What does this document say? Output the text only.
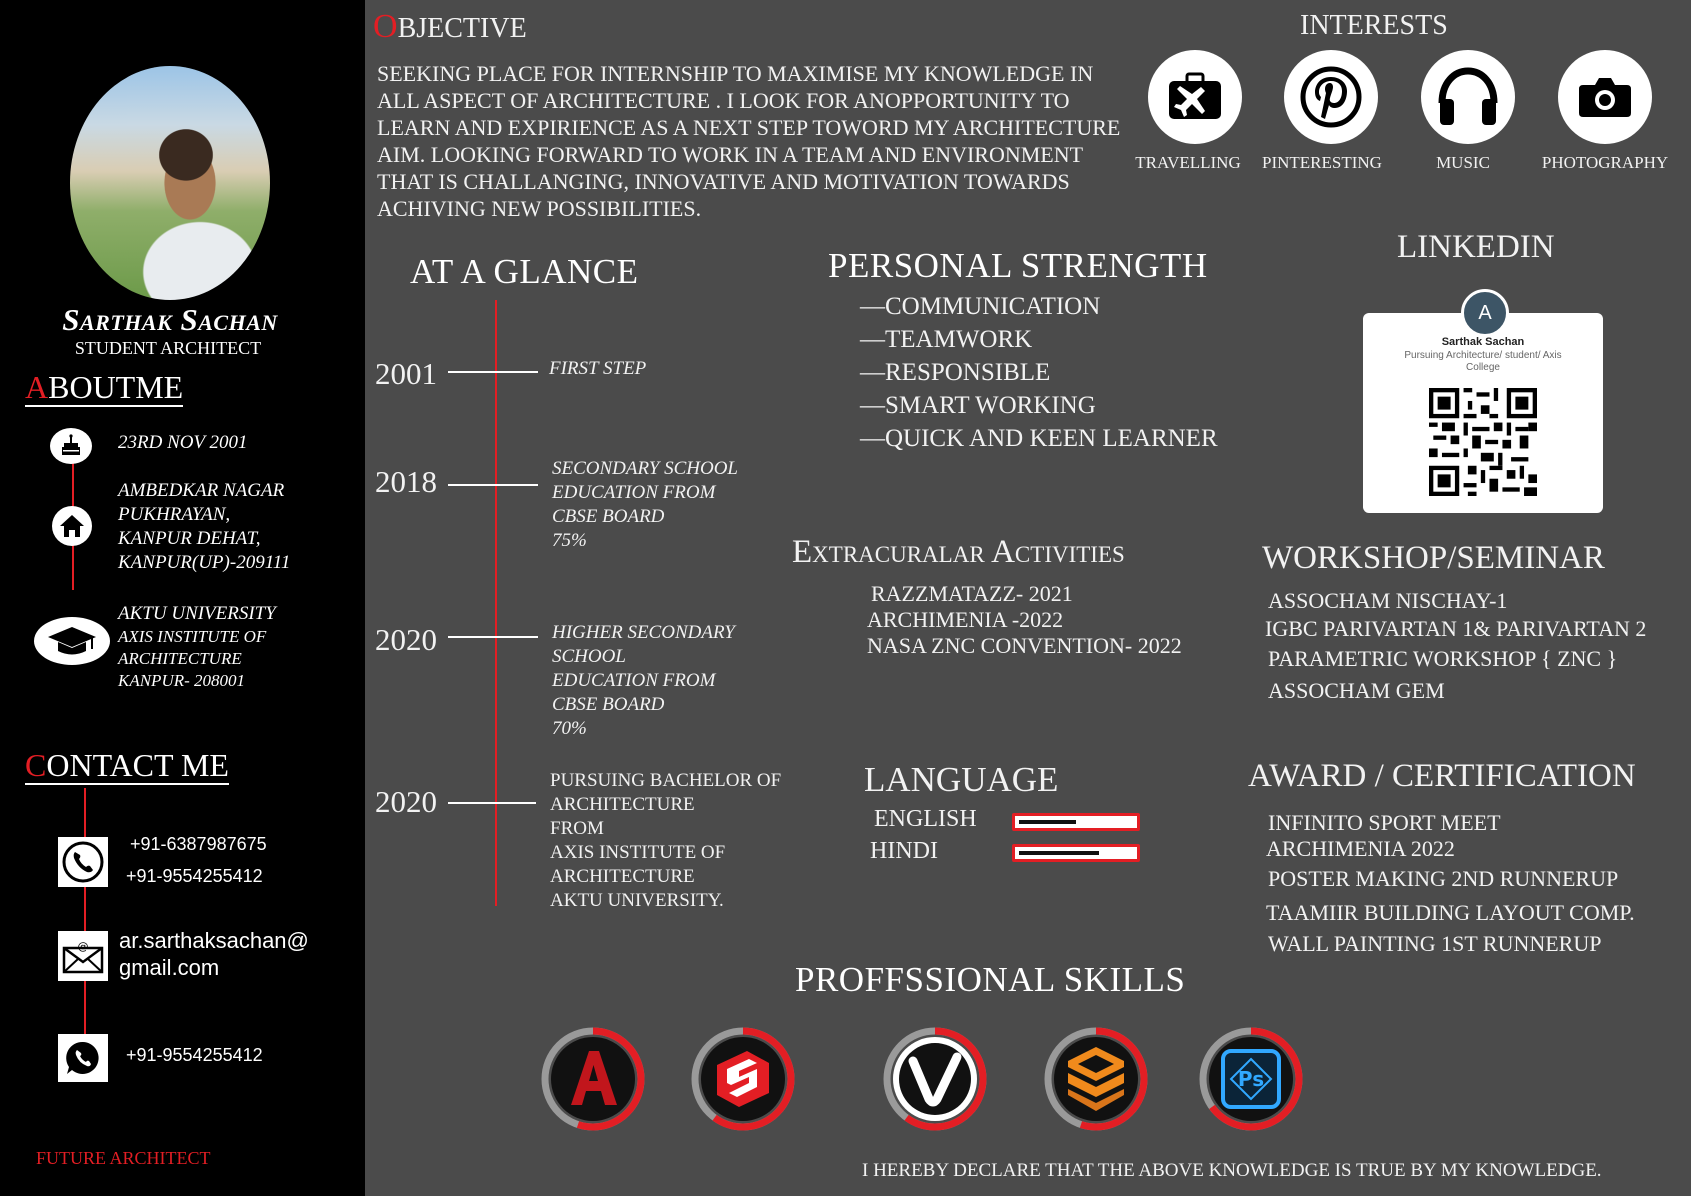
Sarthak Sachan
STUDENT ARCHITECT
ABOUTME
23RD NOV 2001
AMBEDKAR NAGAR
PUKHRAYAN,
KANPUR DEHAT,
KANPUR(UP)-209111
AKTU UNIVERSITY
AXIS INSTITUTE OF
ARCHITECTURE
KANPUR- 208001
CONTACT ME
+91-6387987675
+91-9554255412
@ ar.sarthaksachan@
gmail.com
+91-9554255412
FUTURE ARCHITECT
OBJECTIVE
SEEKING PLACE FOR INTERNSHIP TO MAXIMISE MY KNOWLEDGE IN ALL ASPECT OF ARCHITECTURE . I LOOK FOR ANOPPORTUNITY TO LEARN AND EXPIRIENCE AS A NEXT STEP TOWORD MY ARCHITECTURE AIM. LOOKING FORWARD TO WORK IN A TEAM AND ENVIRONMENT THAT IS CHALLANGING, INNOVATIVE AND MOTIVATION TOWARDS ACHIVING NEW POSSIBILITIES.
INTERESTS
TRAVELLING	PINTERESTING	MUSIC	PHOTOGRAPHY
AT A GLANCE
2001	FIRST STEP
2018	SECONDARY SCHOOL
EDUCATION FROM
CBSE BOARD
75%
2020	HIGHER SECONDARY
SCHOOL
EDUCATION FROM
CBSE BOARD
70%
2020
PURSUING BACHELOR OF
ARCHITECTURE
FROM
AXIS INSTITUTE OF
ARCHITECTURE
AKTU UNIVERSITY.
PERSONAL STRENGTH
— COMMUNICATION
— TEAMWORK
— RESPONSIBLE
— SMART WORKING
— QUICK AND KEEN LEARNER
LINKEDIN
A
Sarthak Sachan
Pursuing Architecture/ student/ Axis College
Extracuralar Activities
RAZZMATAZZ- 2021
ARCHIMENIA -2022
NASA ZNC CONVENTION- 2022
WORKSHOP/SEMINAR
ASSOCHAM NISCHAY-1
IGBC PARIVARTAN 1& PARIVARTAN 2
PARAMETRIC WORKSHOP { ZNC }
ASSOCHAM GEM
LANGUAGE
ENGLISH
HINDI
AWARD / CERTIFICATION
INFINITO SPORT MEET
ARCHIMENIA 2022
POSTER MAKING 2ND RUNNERUP
TAAMIIR BUILDING LAYOUT COMP.
WALL PAINTING 1ST RUNNERUP
PROFFSSIONAL SKILLS
Ps
I HEREBY DECLARE THAT THE ABOVE KNOWLEDGE IS TRUE BY MY KNOWLEDGE.
